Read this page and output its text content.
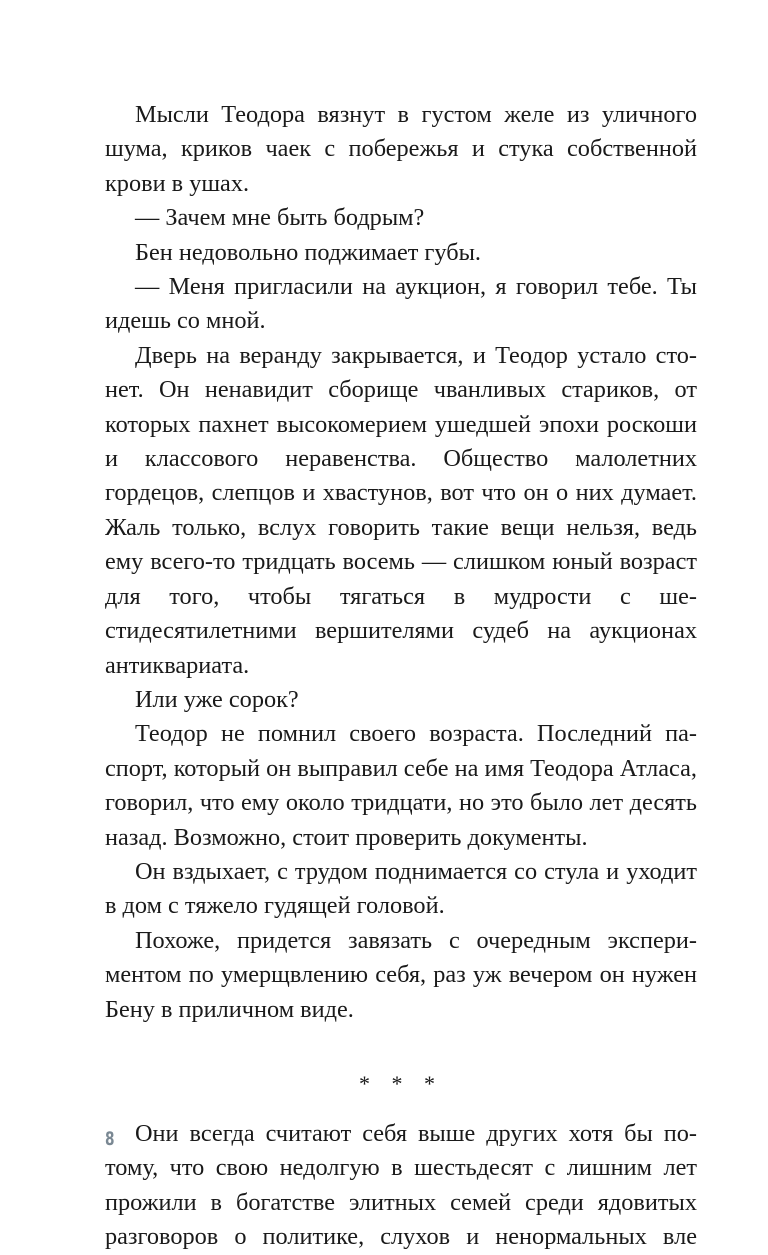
Мысли Теодора вязнут в густом желе из уличного шума, криков чаек с побережья и стука собственной крови в ушах.

— Зачем мне быть бодрым?

Бен недовольно поджимает губы.

— Меня пригласили на аукцион, я говорил тебе. Ты идешь со мной.

Дверь на веранду закрывается, и Теодор устало стонет. Он ненавидит сборище чванливых стариков, от которых пахнет высокомерием ушедшей эпохи роскоши и классового неравенства. Общество малолетних гордецов, слепцов и хвастунов, вот что он о них думает. Жаль только, вслух говорить такие вещи нельзя, ведь ему всего-то тридцать восемь — слишком юный возраст для того, чтобы тягаться в мудрости с шестидесятилетними вершителями судеб на аукционах антиквариата.

Или уже сорок?

Теодор не помнил своего возраста. Последний паспорт, который он выправил себе на имя Теодора Атласа, говорил, что ему около тридцати, но это было лет десять назад. Возможно, стоит проверить документы.

Он вздыхает, с трудом поднимается со стула и уходит в дом с тяжело гудящей головой.

Похоже, придется завязать с очередным экспериментом по умерщвлению себя, раз уж вечером он нужен Бену в приличном виде.

* * *

Они всегда считают себя выше других хотя бы потому, что свою недолгую в шестьдесят с лишним лет прожили в богатстве элитных семей среди ядовитых разговоров о политике, слухов и ненормальных вле

8
